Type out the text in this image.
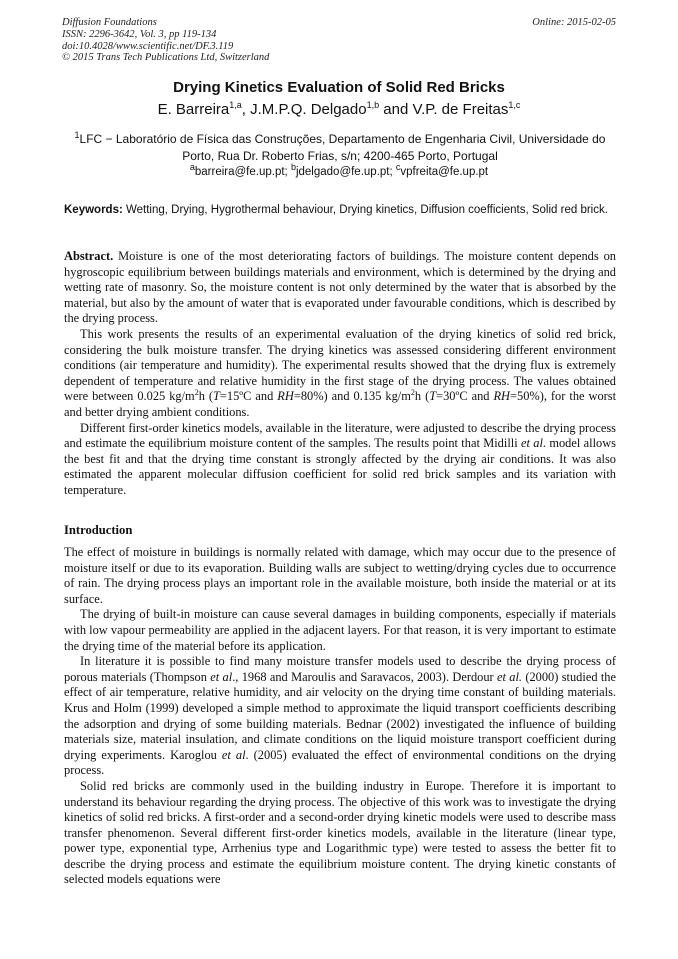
Diffusion Foundations
ISSN: 2296-3642, Vol. 3, pp 119-134
doi:10.4028/www.scientific.net/DF.3.119
© 2015 Trans Tech Publications Ltd, Switzerland
Online: 2015-02-05
Drying Kinetics Evaluation of Solid Red Bricks
E. Barreira$^{1,a}$, J.M.P.Q. Delgado$^{1,b}$ and V.P. de Freitas$^{1,c}$
$^1$LFC − Laboratório de Física das Construções, Departamento de Engenharia Civil, Universidade do Porto, Rua Dr. Roberto Frias, s/n; 4200-465 Porto, Portugal
$^a$barreira@fe.up.pt; $^b$jdelgado@fe.up.pt; $^c$vpfreita@fe.up.pt
Keywords: Wetting, Drying, Hygrothermal behaviour, Drying kinetics, Diffusion coefficients, Solid red brick.

Abstract. Moisture is one of the most deteriorating factors of buildings. The moisture content depends on hygroscopic equilibrium between buildings materials and environment, which is determined by the drying and wetting rate of masonry. So, the moisture content is not only determined by the water that is absorbed by the material, but also by the amount of water that is evaporated under favourable conditions, which is described by the drying process.

This work presents the results of an experimental evaluation of the drying kinetics of solid red brick, considering the bulk moisture transfer. The drying kinetics was assessed considering different environment conditions (air temperature and humidity). The experimental results showed that the drying flux is extremely dependent of temperature and relative humidity in the first stage of the drying process. The values obtained were between 0.025 $kg/m^2h$ (T=15ºC and RH=80%) and 0.135 $kg/m^2h$ (T=30ºC and RH=50%), for the worst and better drying ambient conditions.

Different first-order kinetics models, available in the literature, were adjusted to describe the drying process and estimate the equilibrium moisture content of the samples. The results point that Midilli et al. model allows the best fit and that the drying time constant is strongly affected by the drying air conditions. It was also estimated the apparent molecular diffusion coefficient for solid red brick samples and its variation with temperature.

Introduction

The effect of moisture in buildings is normally related with damage, which may occur due to the presence of moisture itself or due to its evaporation. Building walls are subject to wetting/drying cycles due to occurrence of rain. The drying process plays an important role in the available moisture, both inside the material or at its surface.

The drying of built-in moisture can cause several damages in building components, especially if materials with low vapour permeability are applied in the adjacent layers. For that reason, it is very important to estimate the drying time of the material before its application.

In literature it is possible to find many moisture transfer models used to describe the drying process of porous materials (Thompson et al., 1968 and Maroulis and Saravacos, 2003). Derdour et al. (2000) studied the effect of air temperature, relative humidity, and air velocity on the drying time constant of building materials. Krus and Holm (1999) developed a simple method to approximate the liquid transport coefficients describing the adsorption and drying of some building materials. Bednar (2002) investigated the influence of building materials size, material insulation, and climate conditions on the liquid moisture transport coefficient during drying experiments. Karoglou et al. (2005) evaluated the effect of environmental conditions on the drying process.

Solid red bricks are commonly used in the building industry in Europe. Therefore it is important to understand its behaviour regarding the drying process. The objective of this work was to investigate the drying kinetics of solid red bricks. A first-order and a second-order drying kinetic models were used to describe mass transfer phenomenon. Several different first-order kinetics models, available in the literature (linear type, power type, exponential type, Arrhenius type and Logarithmic type) were tested to assess the better fit to describe the drying process and estimate the equilibrium moisture content. The drying kinetic constants of selected models equations were
